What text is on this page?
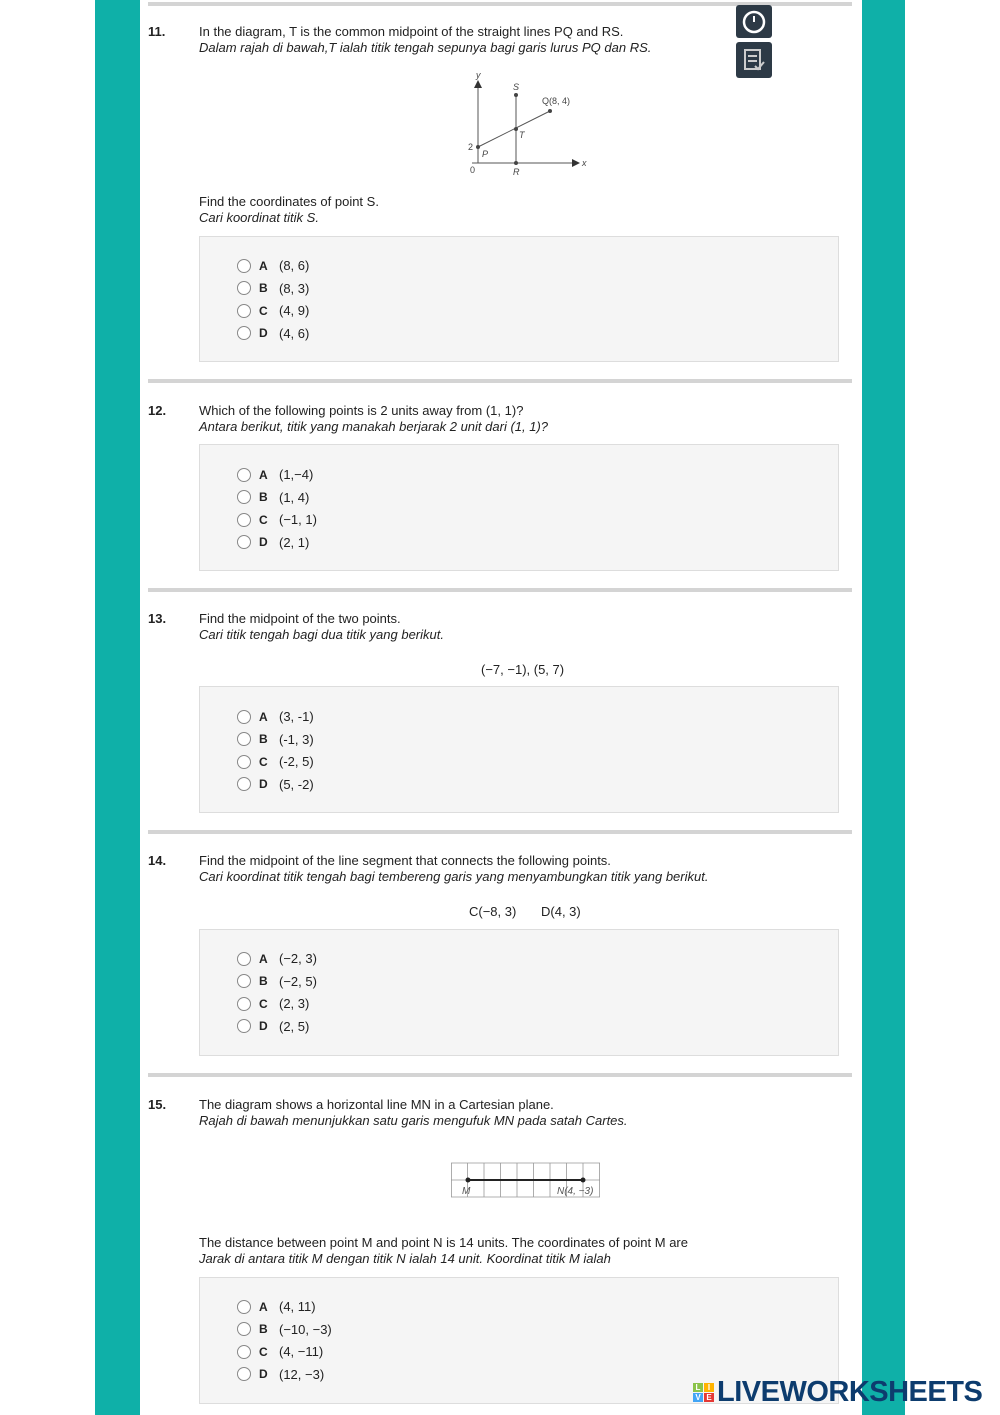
11.	In the diagram, T is the common midpoint of the straight lines PQ and RS.
Dalam rajah di bawah,T ialah titik tengah sepunya bagi garis lurus PQ dan RS.
y
x
S
Q(8, 4)
T
2
P
0	R
Find the coordinates of point S.
Cari koordinat titik S.
12.	Which of the following points is 2 units away from (1, 1)?
Antara berikut, titik yang manakah berjarak 2 unit dari (1, 1)?
13.	Find the midpoint of the two points.
Cari titik tengah bagi dua titik yang berikut.
(−7, −1), (5, 7)
14.	Find the midpoint of the line segment that connects the following points.
Cari koordinat titik tengah bagi tembereng garis yang menyambungkan titik yang berikut.
C(−8, 3) D(4, 3)
15.	The diagram shows a horizontal line MN in a Cartesian plane.
Rajah di bawah menunjukkan satu garis mengufuk MN pada satah Cartes.
M	N(4, −3)
The distance between point M and point N is 14 units. The coordinates of point M are
Jarak di antara titik M dengan titik N ialah 14 unit. Koordinat titik M ialah
A (8, 6)
B (8, 3)
C (4, 9)
D (4, 6)
A (1,−4)
B (1, 4)
C (−1, 1)
D (2, 1)
A (3, -1)
B (-1, 3)
C (-2, 5)
D (5, -2)
A (−2, 3)
B (−2, 5)
C (2, 3)
D (2, 5)
A (4, 11)
B (−10, −3)
C (4, −11)
D (12, −3)
L I
V E LIVEWORKSHEETS
